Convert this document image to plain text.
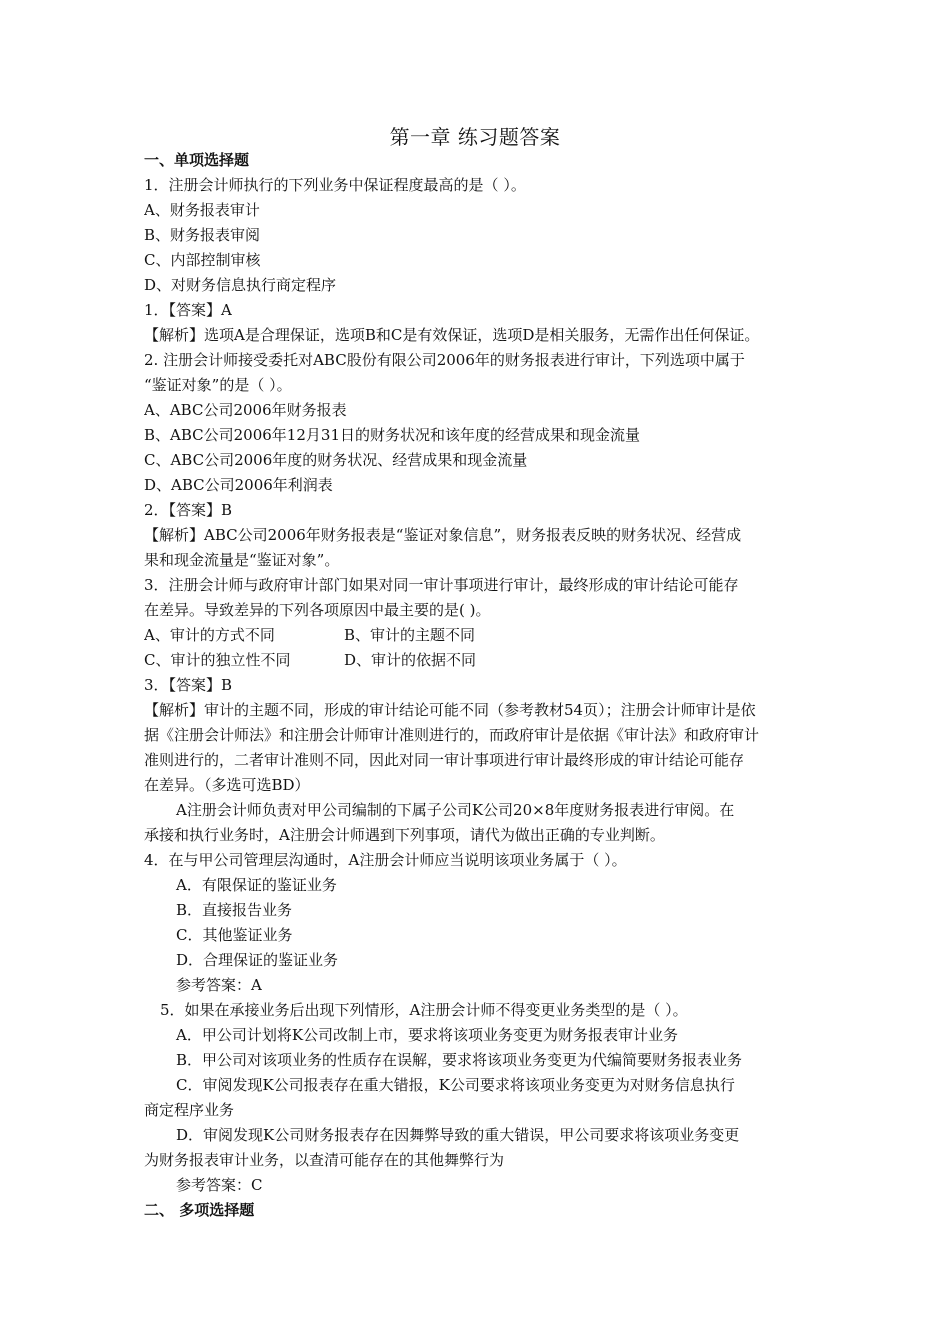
第一章 练习题答案
一、单项选择题
1．注册会计师执行的下列业务中保证程度最高的是（ ）。
A、财务报表审计
B、财务报表审阅
C、内部控制审核
D、对财务信息执行商定程序
1．【答案】A
【解析】选项A是合理保证，选项B和C是有效保证，选项D是相关服务，无需作出任何保证。
2. 注册会计师接受委托对ABC股份有限公司2006年的财务报表进行审计，下列选项中属于
“鉴证对象”的是（ ）。
A、ABC公司2006年财务报表
B、ABC公司2006年12月31日的财务状况和该年度的经营成果和现金流量
C、ABC公司2006年度的财务状况、经营成果和现金流量
D、ABC公司2006年利润表
2．【答案】B
【解析】ABC公司2006年财务报表是“鉴证对象信息”，财务报表反映的财务状况、经营成
果和现金流量是“鉴证对象”。
3．注册会计师与政府审计部门如果对同一审计事项进行审计，最终形成的审计结论可能存
在差异。导致差异的下列各项原因中最主要的是( )。
A、审计的方式不同	B、审计的主题不同
C、审计的独立性不同	D、审计的依据不同
3．【答案】B
【解析】审计的主题不同，形成的审计结论可能不同（参考教材54页）；注册会计师审计是依
据《注册会计师法》和注册会计师审计准则进行的，而政府审计是依据《审计法》和政府审计
准则进行的，二者审计准则不同，因此对同一审计事项进行审计最终形成的审计结论可能存
在差异。（多选可选BD）
A注册会计师负责对甲公司编制的下属子公司K公司20×8年度财务报表进行审阅。在
承接和执行业务时，A注册会计师遇到下列事项，请代为做出正确的专业判断。
4．在与甲公司管理层沟通时，A注册会计师应当说明该项业务属于（ ）。
A．有限保证的鉴证业务
B．直接报告业务
C．其他鉴证业务
D．合理保证的鉴证业务
参考答案：A
5．如果在承接业务后出现下列情形，A注册会计师不得变更业务类型的是（ ）。
A．甲公司计划将K公司改制上市，要求将该项业务变更为财务报表审计业务
B．甲公司对该项业务的性质存在误解，要求将该项业务变更为代编简要财务报表业务
C．审阅发现K公司报表存在重大错报，K公司要求将该项业务变更为对财务信息执行
商定程序业务
D．审阅发现K公司财务报表存在因舞弊导致的重大错误，甲公司要求将该项业务变更
为财务报表审计业务，以查清可能存在的其他舞弊行为
参考答案：C
二、 多项选择题
